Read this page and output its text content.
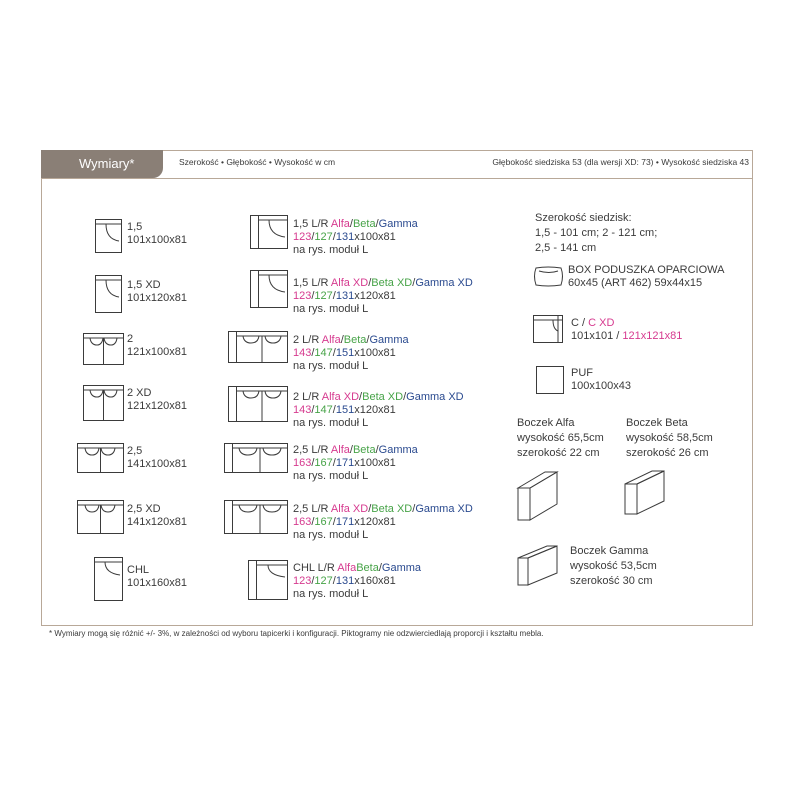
Wymiary*	Szerokość • Głębokość • Wysokość w cm	Głębokość siedziska 53 (dla wersji XD: 73) • Wysokość siedziska 43
1,5
101x100x81
1,5 XD
101x120x81
2
121x100x81
2 XD
121x120x81
2,5
141x100x81
2,5 XD
141x120x81
CHL
101x160x81
1,5 L/R Alfa/Beta/Gamma
123/127/131x100x81
na rys. moduł L
1,5 L/R Alfa XD/Beta XD/Gamma XD
123/127/131x120x81
na rys. moduł L
2 L/R Alfa/Beta/Gamma
143/147/151x100x81
na rys. moduł L
2 L/R Alfa XD/Beta XD/Gamma XD
143/147/151x120x81
na rys. moduł L
2,5 L/R Alfa/Beta/Gamma
163/167/171x100x81
na rys. moduł L
2,5 L/R Alfa XD/Beta XD/Gamma XD
163/167/171x120x81
na rys. moduł L
CHL L/R AlfaBeta/Gamma
123/127/131x160x81
na rys. moduł L
Szerokość siedzisk:
1,5 - 101 cm; 2 - 121 cm;
2,5 - 141 cm
BOX PODUSZKA OPARCIOWA
60x45 (ART 462) 59x44x15
C / C XD
101x101 / 121x121x81
PUF
100x100x43
Boczek Alfa
wysokość 65,5cm
szerokość 22 cm
Boczek Beta
wysokość 58,5cm
szerokość 26 cm
Boczek Gamma
wysokość 53,5cm
szerokość 30 cm
* Wymiary mogą się różnić +/- 3%, w zależności od wyboru tapicerki i konfiguracji. Piktogramy nie odzwierciedlają proporcji i kształtu mebla.
